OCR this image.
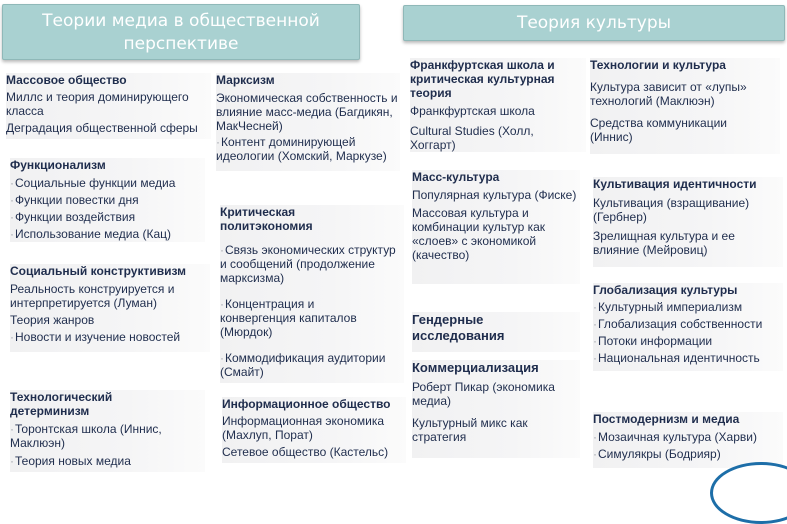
Теории медиа в общественной перспективе
Теория культуры
Массовое общество
Миллс и теория доминирующего класса
Деградация общественной сферы
Функционализм
· Социальные функции медиа
· Функции повестки дня
· Функции воздействия
· Использование медиа (Кац)
Социальный конструктивизм
Реальность конструируется и интерпретируется (Луман)
Теория жанров
· Новости и изучение новостей
Технологический детерминизм
· Торонтская школа (Иннис, Маклюэн)
· Теория новых медиа
Марксизм
Экономическая собственность и влияние масс-медиа (Багдикян, МакЧесней)
· Контент доминирующей идеологии (Хомский, Маркузе)
Критическая политэкономия
· Связь экономических структур и сообщений (продолжение марксизма)
· Концентрация и конвергенция капиталов (Мюрдок)
· Коммодификация аудитории (Смайт)
Информационное общество
Информационная экономика (Махлуп, Порат)
Сетевое общество (Кастельс)
Франкфуртская школа и критическая культурная теория
Франкфуртская школа
Cultural Studies (Холл, Хоггарт)
Масс-культура
Популярная культура (Фиске)
Массовая культура и комбинации культур как «слоев» с экономикой (качество)
Гендерные исследования
Коммерциализация
Роберт Пикар (экономика медиа)
Культурный микс как стратегия
Технологии и культура
Культура зависит от «лупы» технологий (Маклюэн)
Средства коммуникации (Иннис)
Культивация идентичности
Культивация (взращивание) (Гербнер)
Зрелищная культура и ее влияние (Мейровиц)
Глобализация культуры
· Культурный империализм
· Глобализация собственности
· Потоки информации
· Национальная идентичность
Постмодернизм и медиа
· Мозаичная культура (Харви)
· Симулякры (Бодрияр)
